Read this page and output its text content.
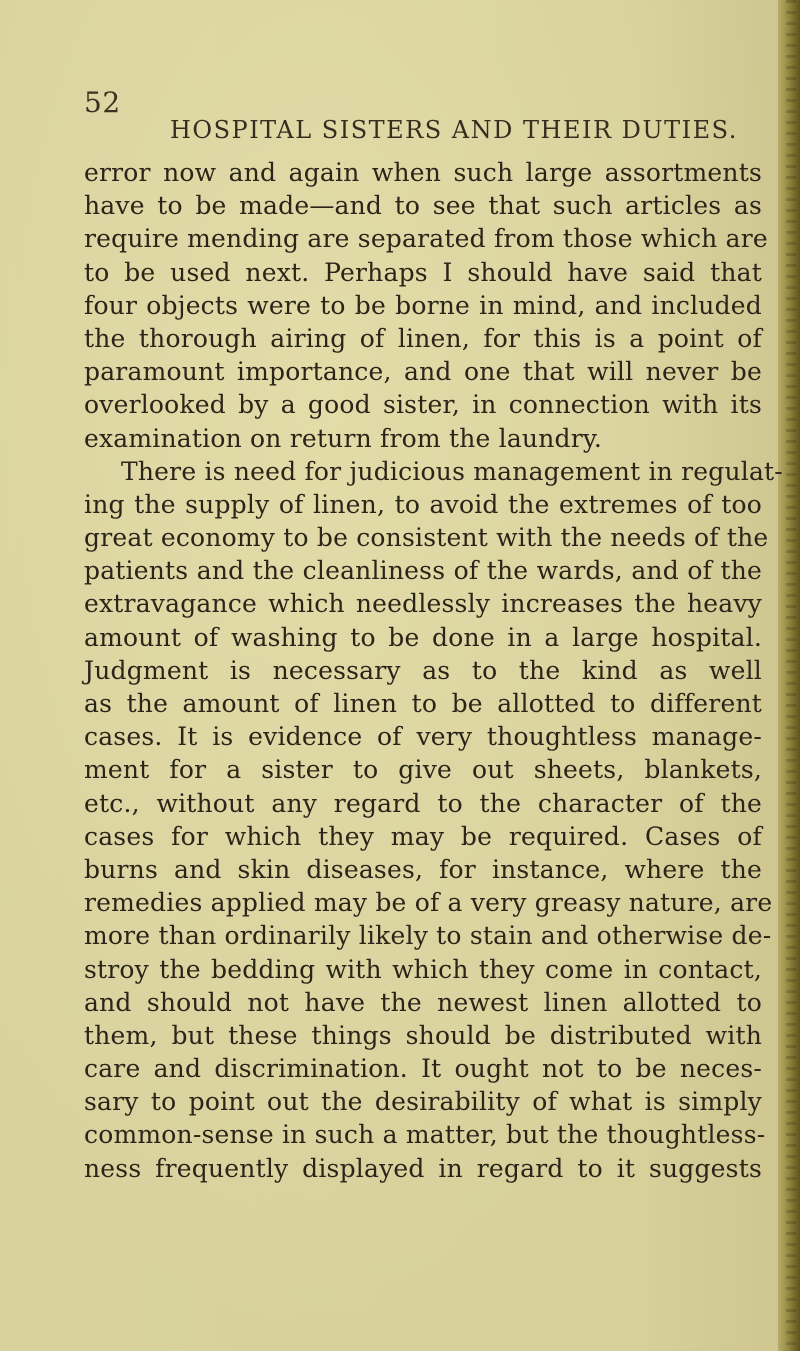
52
HOSPITAL SISTERS AND THEIR DUTIES.
error now and again when such large assortments
have to be made—and to see that such articles as
require mending are separated from those which are
to be used next. Perhaps I should have said that
four objects were to be borne in mind, and included
the thorough airing of linen, for this is a point of
paramount importance, and one that will never be
overlooked by a good sister, in connection with its
examination on return from the laundry.
There is need for judicious management in regulat-
ing the supply of linen, to avoid the extremes of too
great economy to be consistent with the needs of the
patients and the cleanliness of the wards, and of the
extravagance which needlessly increases the heavy
amount of washing to be done in a large hospital.
Judgment is necessary as to the kind as well
as the amount of linen to be allotted to different
cases. It is evidence of very thoughtless manage-
ment for a sister to give out sheets, blankets,
etc., without any regard to the character of the
cases for which they may be required. Cases of
burns and skin diseases, for instance, where the
remedies applied may be of a very greasy nature, are
more than ordinarily likely to stain and otherwise de-
stroy the bedding with which they come in contact,
and should not have the newest linen allotted to
them, but these things should be distributed with
care and discrimination. It ought not to be neces-
sary to point out the desirability of what is simply
common-sense in such a matter, but the thoughtless-
ness frequently displayed in regard to it suggests
